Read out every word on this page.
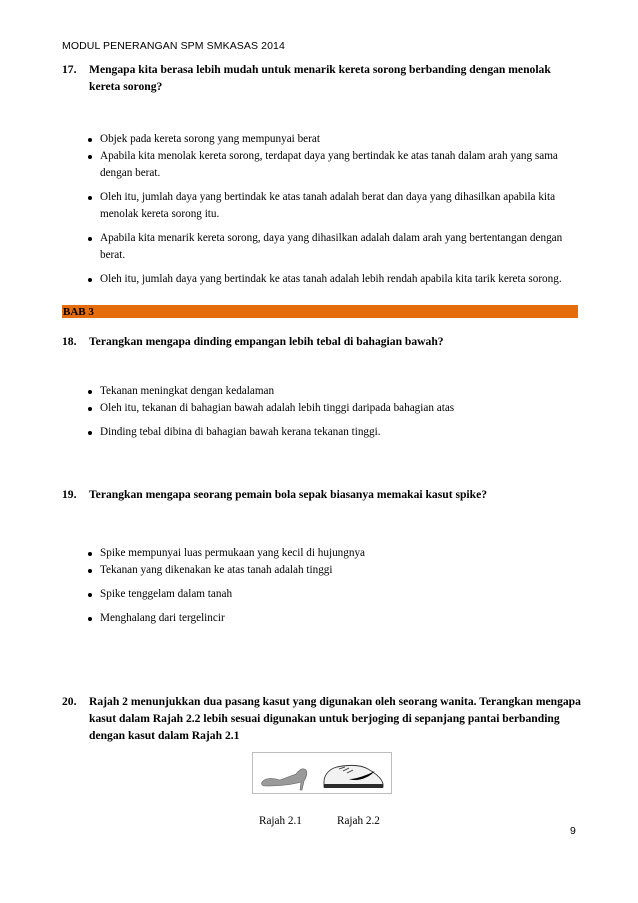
MODUL PENERANGAN SPM SMKASAS 2014
17. Mengapa kita berasa lebih mudah untuk menarik kereta sorong berbanding dengan menolak kereta sorong?
Objek pada kereta sorong yang mempunyai berat
Apabila kita menolak kereta sorong, terdapat daya yang bertindak ke atas tanah dalam arah yang sama dengan berat.
Oleh itu, jumlah daya yang bertindak ke atas tanah adalah berat dan daya yang dihasilkan apabila kita menolak kereta sorong itu.
Apabila kita menarik kereta sorong, daya yang dihasilkan adalah dalam arah yang bertentangan dengan berat.
Oleh itu, jumlah daya yang bertindak ke atas tanah adalah lebih rendah apabila kita tarik kereta sorong.
BAB 3
18. Terangkan mengapa dinding empangan lebih tebal di bahagian bawah?
Tekanan meningkat dengan kedalaman
Oleh itu, tekanan di bahagian bawah adalah lebih tinggi daripada bahagian atas
Dinding tebal dibina di bahagian bawah kerana tekanan tinggi.
19. Terangkan mengapa seorang pemain bola sepak biasanya memakai kasut spike?
Spike mempunyai luas permukaan yang kecil di hujungnya
Tekanan yang dikenakan ke atas tanah adalah tinggi
Spike tenggelam dalam tanah
Menghalang dari tergelincir
20. Rajah 2 menunjukkan dua pasang kasut yang digunakan oleh seorang wanita. Terangkan mengapa kasut dalam Rajah 2.2 lebih sesuai digunakan untuk berjoging di sepanjang pantai berbanding dengan kasut dalam Rajah 2.1
Rajah 2.1	Rajah 2.2
9
